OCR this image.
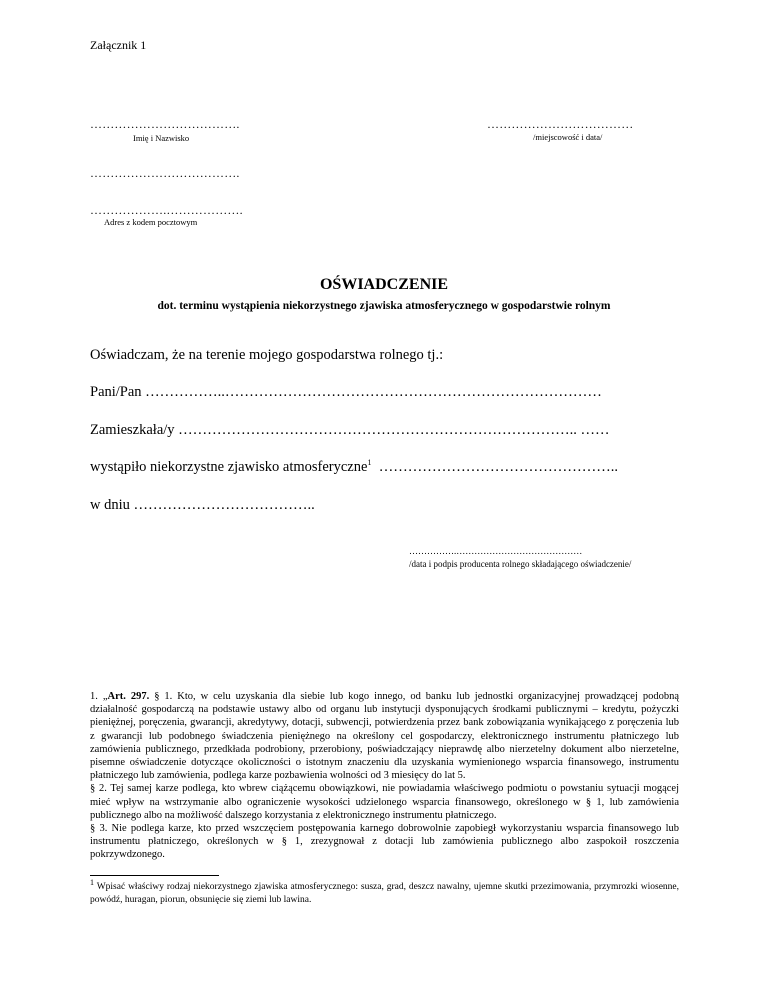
Załącznik 1
……………………………….
Imię i Nazwisko
………………………………
/miejscowość i data/
……………………………….
……………….……………….
Adres z kodem pocztowym
OŚWIADCZENIE
dot. terminu wystąpienia niekorzystnego zjawiska atmosferycznego w gospodarstwie rolnym
Oświadczam, że na terenie mojego gospodarstwa rolnego tj.:
Pani/Pan ……………..……………………………………………………………………
Zamieszkała/y ……………………………………………………………………….. ……
wystąpiło niekorzystne zjawisko atmosferyczne$^1$ …………………………………………..
w dniu ………………………………..
…………….……………………………………
/data i podpis producenta rolnego składającego oświadczenie/

1. „Art. 297. § 1. Kto, w celu uzyskania dla siebie lub kogo innego, od banku lub jednostki organizacyjnej prowadzącej podobną działalność gospodarczą na podstawie ustawy albo od organu lub instytucji dysponujących środkami publicznymi – kredytu, pożyczki pieniężnej, poręczenia, gwarancji, akredytywy, dotacji, subwencji, potwierdzenia przez bank zobowiązania wynikającego z poręczenia lub z gwarancji lub podobnego świadczenia pieniężnego na określony cel gospodarczy, elektronicznego instrumentu płatniczego lub zamówienia publicznego, przedkłada podrobiony, przerobiony, poświadczający nieprawdę albo nierzetelny dokument albo nierzetelne, pisemne oświadczenie dotyczące okoliczności o istotnym znaczeniu dla uzyskania wymienionego wsparcia finansowego, instrumentu płatniczego lub zamówienia, podlega karze pozbawienia wolności od 3 miesięcy do lat 5.

§ 2. Tej samej karze podlega, kto wbrew ciążącemu obowiązkowi, nie powiadamia właściwego podmiotu o powstaniu sytuacji mogącej mieć wpływ na wstrzymanie albo ograniczenie wysokości udzielonego wsparcia finansowego, określonego w § 1, lub zamówienia publicznego albo na możliwość dalszego korzystania z elektronicznego instrumentu płatniczego.

§ 3. Nie podlega karze, kto przed wszczęciem postępowania karnego dobrowolnie zapobiegł wykorzystaniu wsparcia finansowego lub instrumentu płatniczego, określonych w § 1, zrezygnował z dotacji lub zamówienia publicznego albo zaspokoił roszczenia pokrzywdzonego.

$^1$ Wpisać właściwy rodzaj niekorzystnego zjawiska atmosferycznego: susza, grad, deszcz nawalny, ujemne skutki przezimowania, przymrozki wiosenne, powódź, huragan, piorun, obsunięcie się ziemi lub lawina.
